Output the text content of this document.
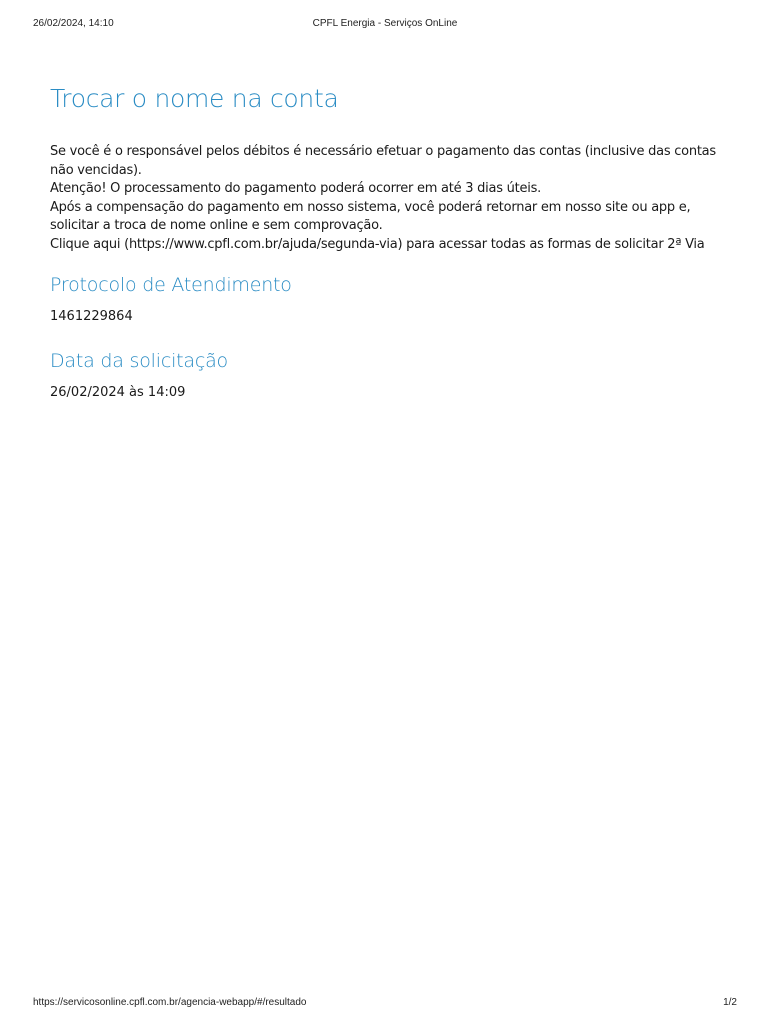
26/02/2024, 14:10	CPFL Energia - Serviços OnLine
Trocar o nome na conta

Se você é o responsável pelos débitos é necessário efetuar o pagamento das contas (inclusive das contas não vencidas).

Atenção! O processamento do pagamento poderá ocorrer em até 3 dias úteis.

Após a compensação do pagamento em nosso sistema, você poderá retornar em nosso site ou app e, solicitar a troca de nome online e sem comprovação.

Clique aqui (https://www.cpfl.com.br/ajuda/segunda-via) para acessar todas as formas de solicitar 2ª Via

Protocolo de Atendimento
1461229864
Data da solicitação
26/02/2024 às 14:09
https://servicosonline.cpfl.com.br/agencia-webapp/#/resultado	1/2
